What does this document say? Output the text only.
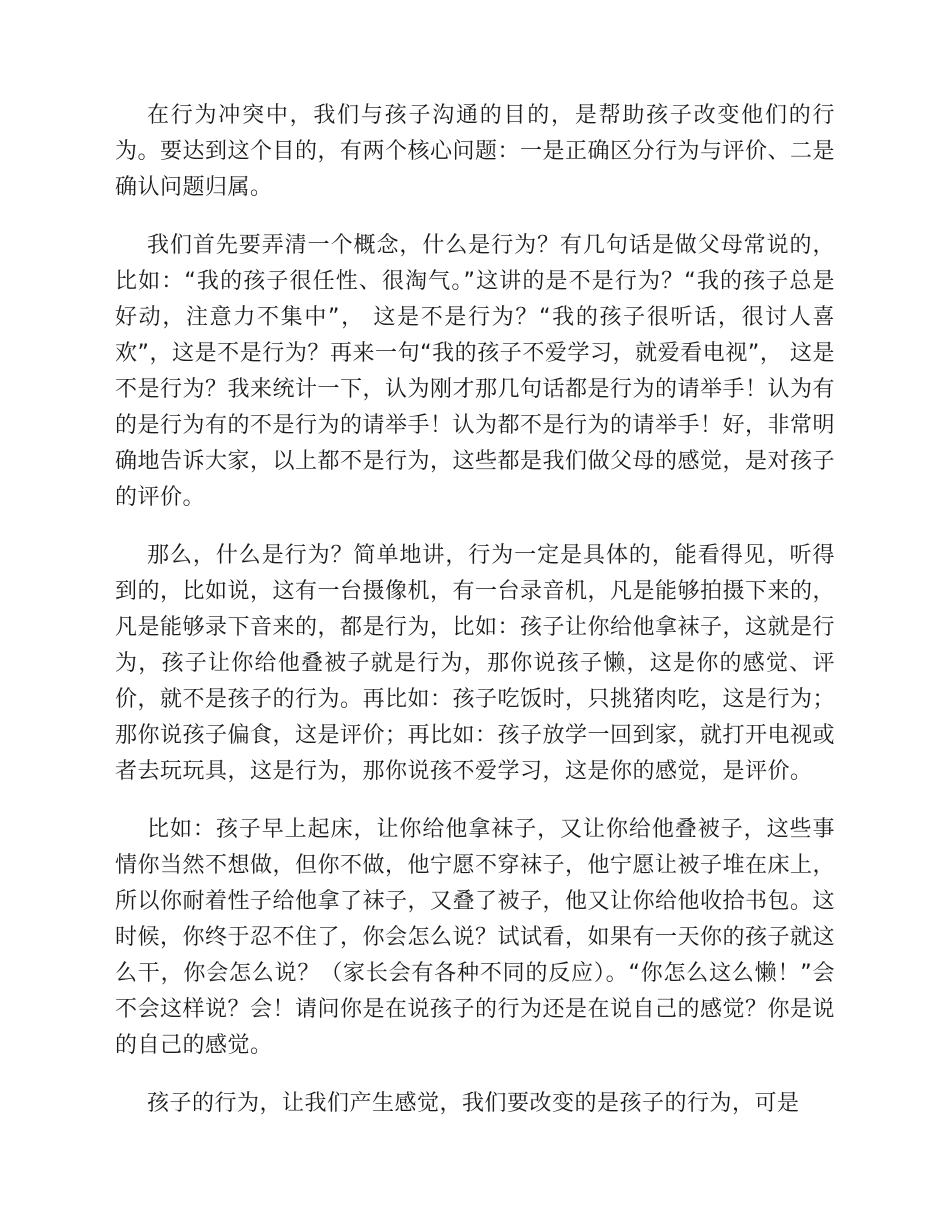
在行为冲突中，我们与孩子沟通的目的，是帮助孩子改变他们的行为。要达到这个目的，有两个核心问题：一是正确区分行为与评价、二是确认问题归属。

我们首先要弄清一个概念，什么是行为？有几句话是做父母常说的，比如：“我的孩子很任性、很淘气。”这讲的是不是行为？“我的孩子总是好动，注意力不集中”， 这是不是行为？“我的孩子很听话，很讨人喜欢”，这是不是行为？再来一句“我的孩子不爱学习，就爱看电视”， 这是不是行为？我来统计一下，认为刚才那几句话都是行为的请举手！认为有的是行为有的不是行为的请举手！认为都不是行为的请举手！好，非常明确地告诉大家，以上都不是行为，这些都是我们做父母的感觉，是对孩子的评价。

那么，什么是行为？简单地讲，行为一定是具体的，能看得见，听得到的，比如说，这有一台摄像机，有一台录音机，凡是能够拍摄下来的，凡是能够录下音来的，都是行为，比如：孩子让你给他拿袜子，这就是行为，孩子让你给他叠被子就是行为，那你说孩子懒，这是你的感觉、评价，就不是孩子的行为。再比如：孩子吃饭时，只挑猪肉吃，这是行为；那你说孩子偏食，这是评价；再比如：孩子放学一回到家，就打开电视或者去玩玩具，这是行为，那你说孩不爱学习，这是你的感觉，是评价。

比如：孩子早上起床，让你给他拿袜子，又让你给他叠被子，这些事情你当然不想做，但你不做，他宁愿不穿袜子，他宁愿让被子堆在床上，所以你耐着性子给他拿了袜子，又叠了被子，他又让你给他收拾书包。这时候，你终于忍不住了，你会怎么说？试试看，如果有一天你的孩子就这么干，你会怎么说？（家长会有各种不同的反应）。“你怎么这么懒！”会不会这样说？会！请问你是在说孩子的行为还是在说自己的感觉？你是说的自己的感觉。

孩子的行为，让我们产生感觉，我们要改变的是孩子的行为，可是
